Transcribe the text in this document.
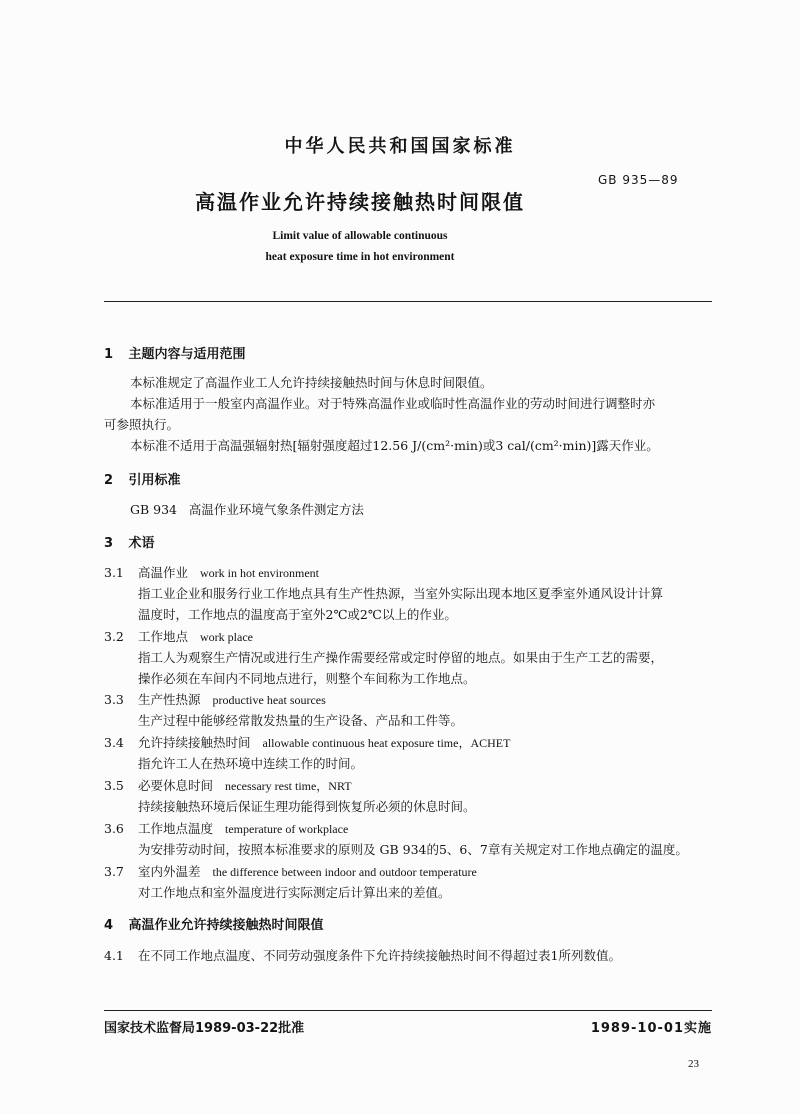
中华人民共和国国家标准
GB 935—89
高温作业允许持续接触热时间限值
Limit value of allowable continuous
heat exposure time in hot environment
1 主题内容与适用范围
本标准规定了高温作业工人允许持续接触热时间与休息时间限值。
本标准适用于一般室内高温作业。对于特殊高温作业或临时性高温作业的劳动时间进行调整时亦
可参照执行。
本标准不适用于高温强辐射热[辐射强度超过12.56 J/(cm²·min)或3 cal/(cm²·min)]露天作业。
2 引用标准
GB 934   高温作业环境气象条件测定方法
3 术语
3.1 高温作业 work in hot environment
指工业企业和服务行业工作地点具有生产性热源，当室外实际出现本地区夏季室外通风设计计算
温度时，工作地点的温度高于室外2℃或2℃以上的作业。
3.2 工作地点 work place
指工人为观察生产情况或进行生产操作需要经常或定时停留的地点。如果由于生产工艺的需要，
操作必须在车间内不同地点进行，则整个车间称为工作地点。
3.3 生产性热源 productive heat sources
生产过程中能够经常散发热量的生产设备、产品和工件等。
3.4 允许持续接触热时间 allowable continuous heat exposure time，ACHET
指允许工人在热环境中连续工作的时间。
3.5 必要休息时间 necessary rest time，NRT
持续接触热环境后保证生理功能得到恢复所必须的休息时间。
3.6 工作地点温度 temperature of workplace
为安排劳动时间，按照本标准要求的原则及 GB 934的5、6、7章有关规定对工作地点确定的温度。
3.7 室内外温差 the difference between indoor and outdoor temperature
对工作地点和室外温度进行实际测定后计算出来的差值。
4 高温作业允许持续接触热时间限值
4.1 在不同工作地点温度、不同劳动强度条件下允许持续接触热时间不得超过表1所列数值。
国家技术监督局1989-03-22批准	1989-10-01实施
23
